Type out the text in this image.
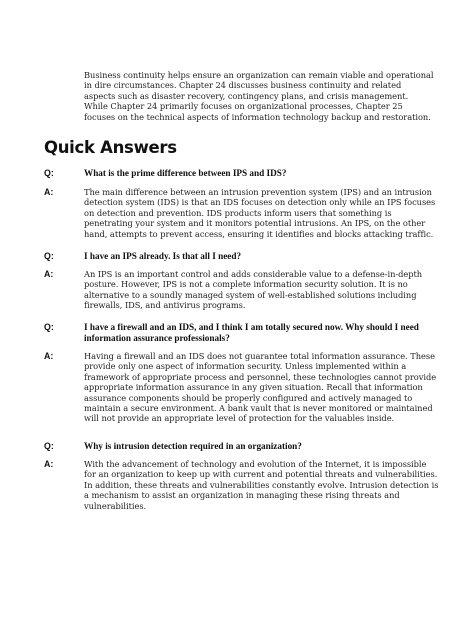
Business continuity helps ensure an organization can remain viable and operational in dire circumstances. Chapter 24 discusses business continuity and related aspects such as disaster recovery, contingency plans, and crisis management. While Chapter 24 primarily focuses on organizational processes, Chapter 25 focuses on the technical aspects of information technology backup and restoration.

Quick Answers
Q:	What is the prime difference between IPS and IDS?
A:	The main difference between an intrusion prevention system (IPS) and an intrusion detection system (IDS) is that an IDS focuses on detection only while an IPS focuses on detection and prevention. IDS products inform users that something is penetrating your system and it monitors potential intrusions. An IPS, on the other hand, attempts to prevent access, ensuring it identifies and blocks attacking traffic.
Q:	I have an IPS already. Is that all I need?
A:	An IPS is an important control and adds considerable value to a defense-in-depth posture. However, IPS is not a complete information security solution. It is no alternative to a soundly managed system of well-established solutions including firewalls, IDS, and antivirus programs.
Q:	I have a firewall and an IDS, and I think I am totally secured now. Why should I need information assurance professionals?
A:	Having a firewall and an IDS does not guarantee total information assurance. These provide only one aspect of information security. Unless implemented within a framework of appropriate process and personnel, these technologies cannot provide appropriate information assurance in any given situation. Recall that information assurance components should be properly configured and actively managed to maintain a secure environment. A bank vault that is never monitored or maintained will not provide an appropriate level of protection for the valuables inside.
Q:	Why is intrusion detection required in an organization?
A:	With the advancement of technology and evolution of the Internet, it is impossible for an organization to keep up with current and potential threats and vulnerabilities. In addition, these threats and vulnerabilities constantly evolve. Intrusion detection is a mechanism to assist an organization in managing these rising threats and vulnerabilities.
